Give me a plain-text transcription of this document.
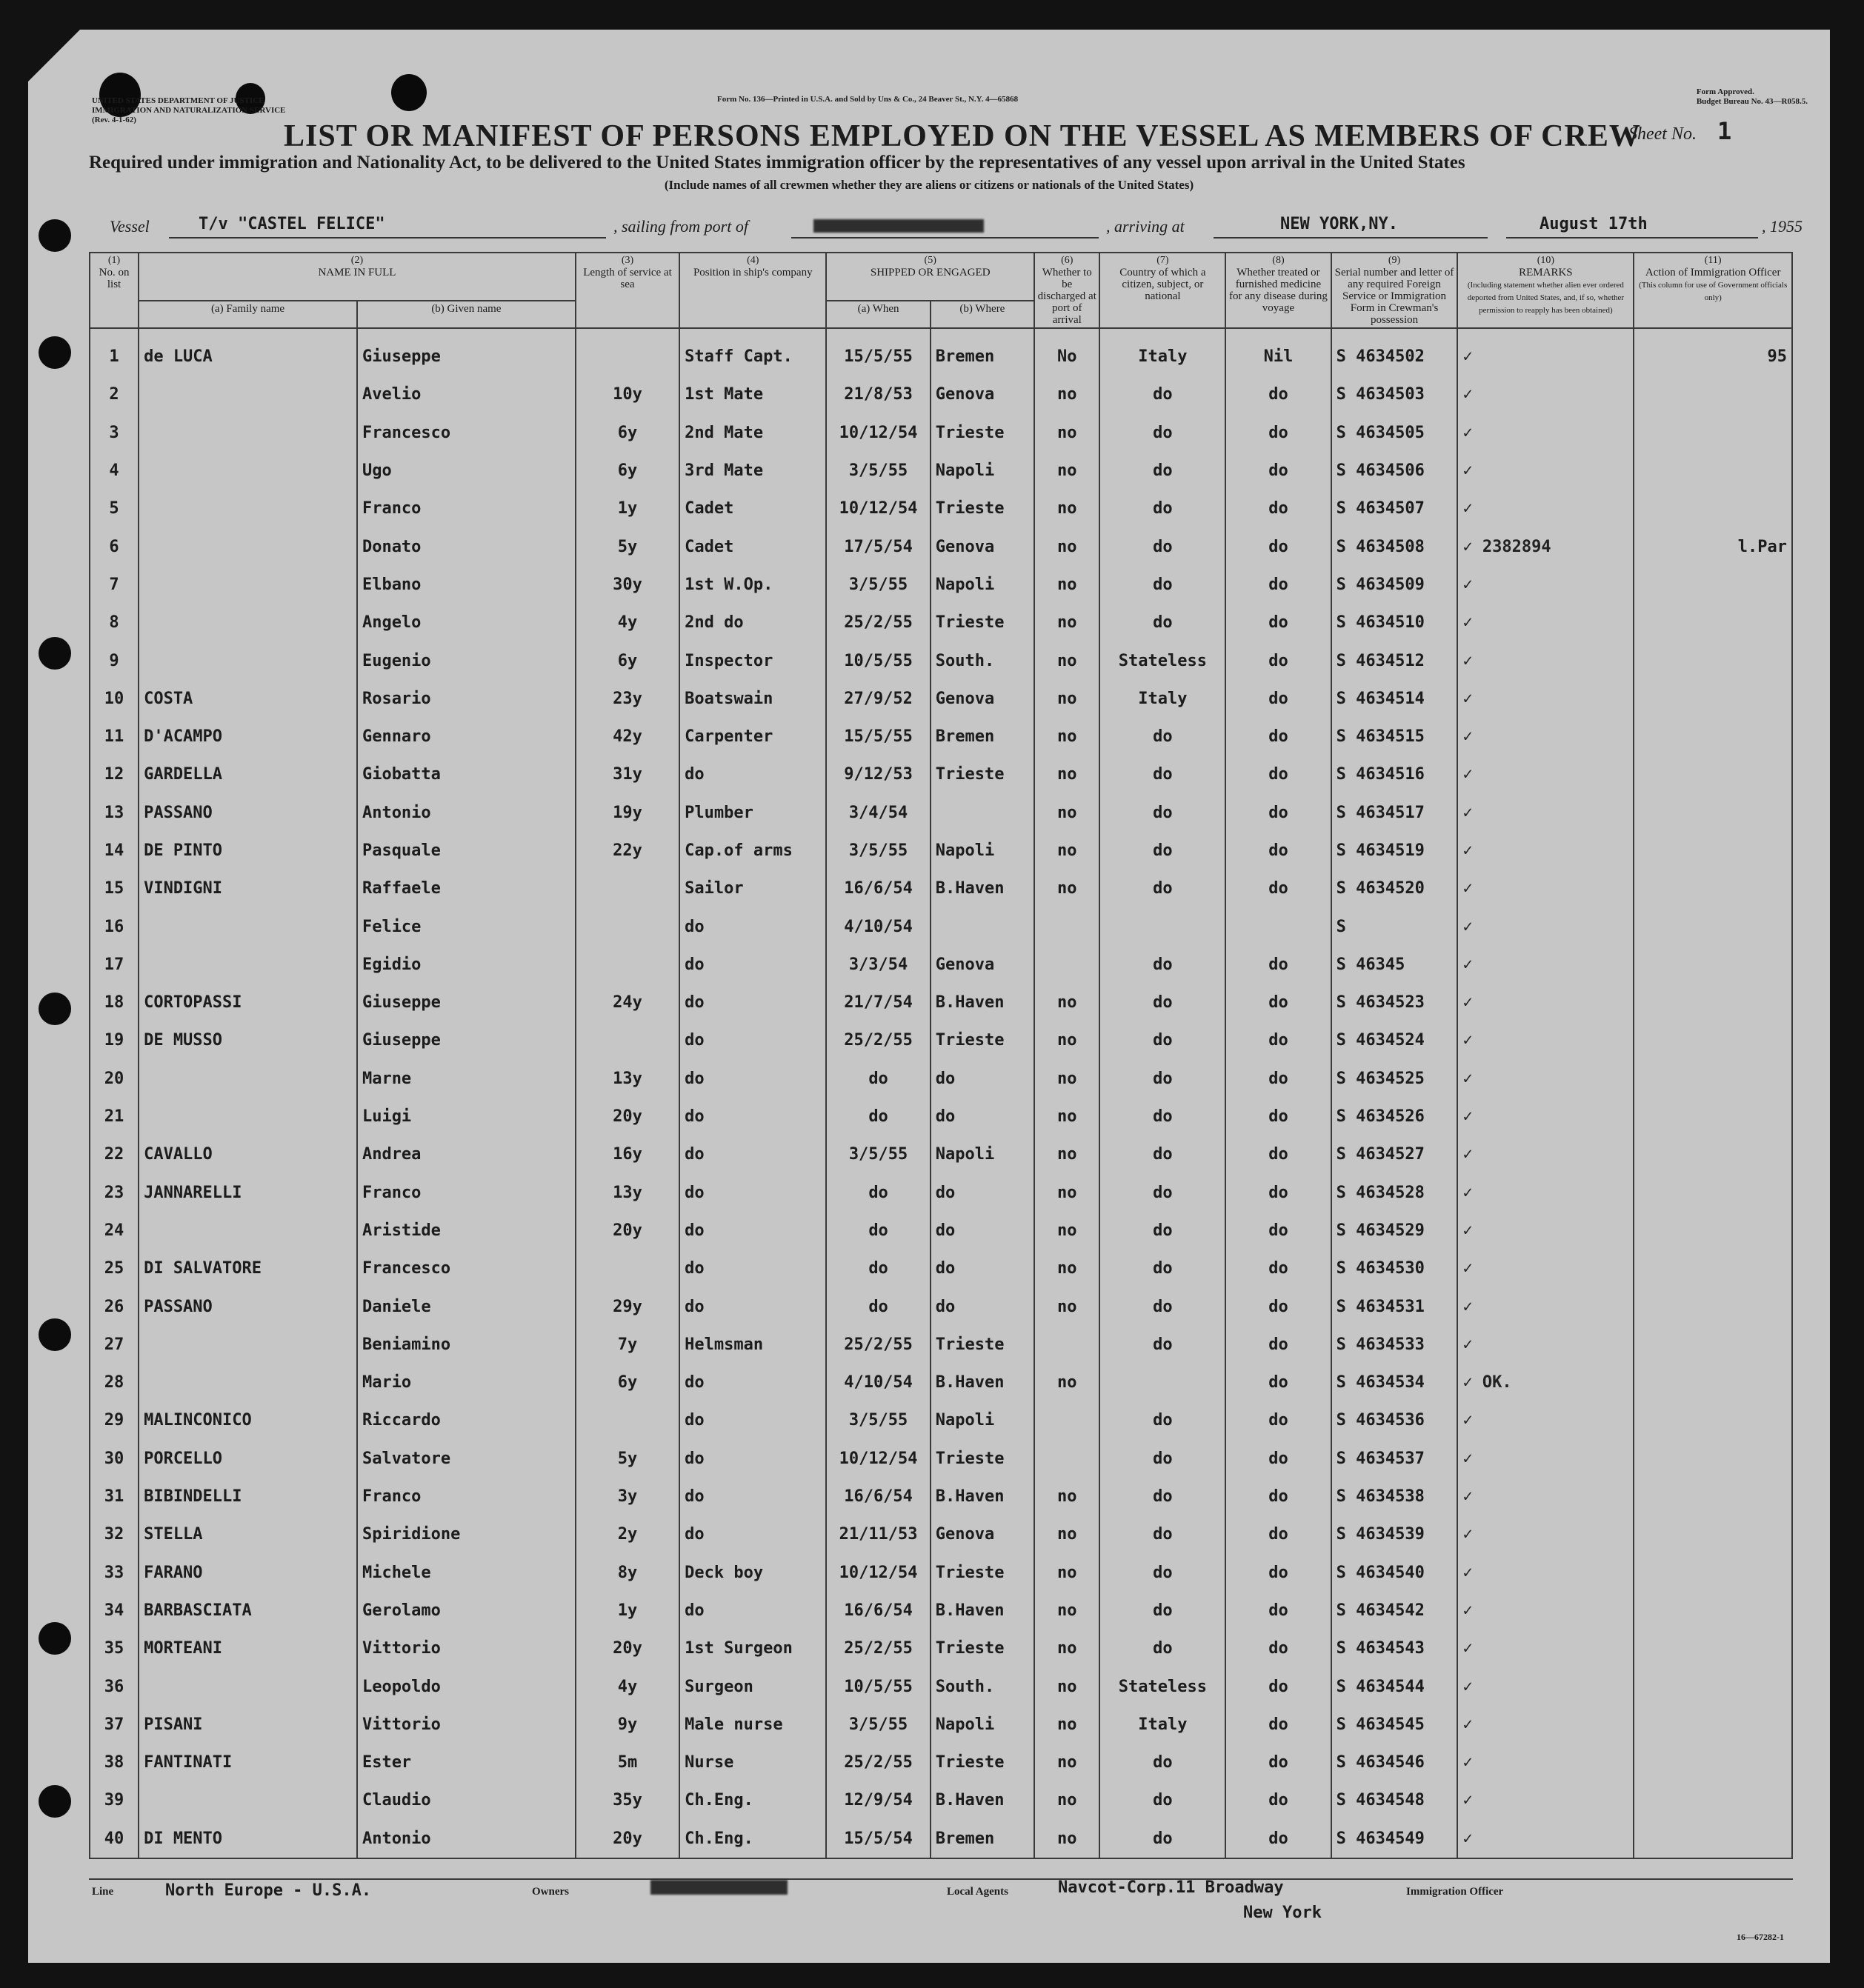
UNITED STATES DEPARTMENT OF JUSTICE
IMMIGRATION AND NATURALIZATION SERVICE
(Rev. 4-1-62)
Form No. 136—Printed in U.S.A. and Sold by Uns & Co., 24 Beaver St., N.Y. 4—65868
Form Approved.
Budget Bureau No. 43—R058.5.
LIST OR MANIFEST OF PERSONS EMPLOYED ON THE VESSEL AS MEMBERS OF CREW
Sheet No. 1
Required under immigration and Nationality Act, to be delivered to the United States immigration officer by the representatives of any vessel upon arrival in the United States
(Include names of all crewmen whether they are aliens or citizens or nationals of the United States)
Vessel	T/v "CASTEL FELICE"	, sailing from port of	, arriving at	NEW YORK,NY.	August 17th	, 1955
(1)
No. on list	(2)
NAME IN FULL		(3)
Length of service at sea	(4)
Position in ship's company	(5)
SHIPPED OR ENGAGED		(6)
Whether to be discharged at port of arrival	(7)
Country of which a citizen, subject, or national	(8)
Whether treated or furnished medicine for any disease during voyage	(9)
Serial number and letter of any required Foreign Service or Immigration Form in Crewman's possession	(10)
REMARKS
(Including statement whether alien ever ordered deported from United States, and, if so, whether permission to reapply has been obtained)	(11)
Action of Immigration Officer
(This column for use of Government officials only)
	(a) Family name	(b) Given name			(a) When	(b) Where						
1	de LUCA	Giuseppe		Staff Capt.	15/5/55	Bremen	No	Italy	Nil	S 4634502	✓	95
2		Avelio	10y	1st Mate	21/8/53	Genova	no	do	do	S 4634503	✓	
3		Francesco	6y	2nd Mate	10/12/54	Trieste	no	do	do	S 4634505	✓	
4		Ugo	6y	3rd Mate	3/5/55	Napoli	no	do	do	S 4634506	✓	
5		Franco	1y	Cadet	10/12/54	Trieste	no	do	do	S 4634507	✓	
6		Donato	5y	Cadet	17/5/54	Genova	no	do	do	S 4634508	✓ 2382894	l.Par
7		Elbano	30y	1st W.Op.	3/5/55	Napoli	no	do	do	S 4634509	✓	
8		Angelo	4y	2nd do	25/2/55	Trieste	no	do	do	S 4634510	✓	
9		Eugenio	6y	Inspector	10/5/55	South.	no	Stateless	do	S 4634512	✓	
10	COSTA	Rosario	23y	Boatswain	27/9/52	Genova	no	Italy	do	S 4634514	✓	
11	D'ACAMPO	Gennaro	42y	Carpenter	15/5/55	Bremen	no	do	do	S 4634515	✓	
12	GARDELLA	Giobatta	31y	do	9/12/53	Trieste	no	do	do	S 4634516	✓	
13	PASSANO	Antonio	19y	Plumber	3/4/54		no	do	do	S 4634517	✓	
14	DE PINTO	Pasquale	22y	Cap.of arms	3/5/55	Napoli	no	do	do	S 4634519	✓	
15	VINDIGNI	Raffaele		Sailor	16/6/54	B.Haven	no	do	do	S 4634520	✓	
16		Felice		do	4/10/54					S	✓	
17		Egidio		do	3/3/54	Genova		do	do	S 46345	✓	
18	CORTOPASSI	Giuseppe	24y	do	21/7/54	B.Haven	no	do	do	S 4634523	✓	
19	DE MUSSO	Giuseppe		do	25/2/55	Trieste	no	do	do	S 4634524	✓	
20		Marne	13y	do	do	do	no	do	do	S 4634525	✓	
21		Luigi	20y	do	do	do	no	do	do	S 4634526	✓	
22	CAVALLO	Andrea	16y	do	3/5/55	Napoli	no	do	do	S 4634527	✓	
23	JANNARELLI	Franco	13y	do	do	do	no	do	do	S 4634528	✓	
24		Aristide	20y	do	do	do	no	do	do	S 4634529	✓	
25	DI SALVATORE	Francesco		do	do	do	no	do	do	S 4634530	✓	
26	PASSANO	Daniele	29y	do	do	do	no	do	do	S 4634531	✓	
27		Beniamino	7y	Helmsman	25/2/55	Trieste		do	do	S 4634533	✓	
28		Mario	6y	do	4/10/54	B.Haven	no		do	S 4634534	✓ OK.	
29	MALINCONICO	Riccardo		do	3/5/55	Napoli		do	do	S 4634536	✓	
30	PORCELLO	Salvatore	5y	do	10/12/54	Trieste		do	do	S 4634537	✓	
31	BIBINDELLI	Franco	3y	do	16/6/54	B.Haven	no	do	do	S 4634538	✓	
32	STELLA	Spiridione	2y	do	21/11/53	Genova	no	do	do	S 4634539	✓	
33	FARANO	Michele	8y	Deck boy	10/12/54	Trieste	no	do	do	S 4634540	✓	
34	BARBASCIATA	Gerolamo	1y	do	16/6/54	B.Haven	no	do	do	S 4634542	✓	
35	MORTEANI	Vittorio	20y	1st Surgeon	25/2/55	Trieste	no	do	do	S 4634543	✓	
36		Leopoldo	4y	Surgeon	10/5/55	South.	no	Stateless	do	S 4634544	✓	
37	PISANI	Vittorio	9y	Male nurse	3/5/55	Napoli	no	Italy	do	S 4634545	✓	
38	FANTINATI	Ester	5m	Nurse	25/2/55	Trieste	no	do	do	S 4634546	✓	
39		Claudio	35y	Ch.Eng.	12/9/54	B.Haven	no	do	do	S 4634548	✓	
40	DI MENTO	Antonio	20y	Ch.Eng.	15/5/54	Bremen	no	do	do	S 4634549	✓	
Line	North Europe - U.S.A.	Owners	Local Agents	Navcot-Corp.11 Broadway
New York
Immigration Officer
16—67282-1
